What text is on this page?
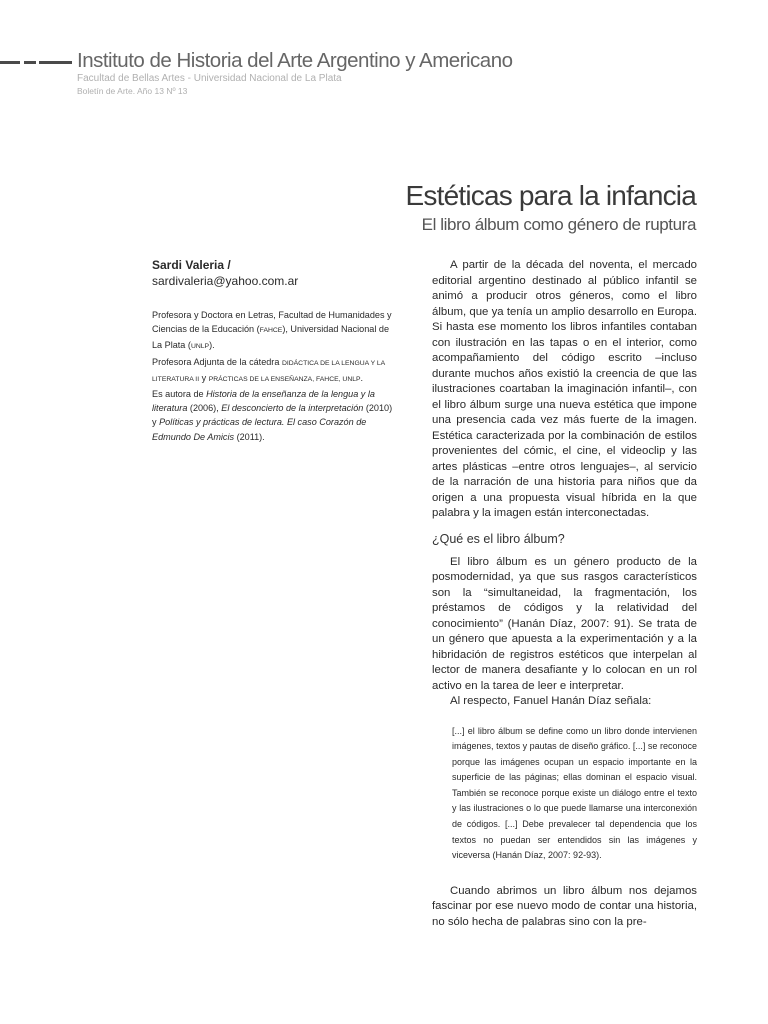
Instituto de Historia del Arte Argentino y Americano
Facultad de Bellas Artes - Universidad Nacional de La Plata
Boletín de Arte. Año 13 Nº 13
Estéticas para la infancia
El libro álbum como género de ruptura
Sardi Valeria /
sardivaleria@yahoo.com.ar

Profesora y Doctora en Letras, Facultad de Humanidades y Ciencias de la Educación (FAHCE), Universidad Nacional de La Plata (UNLP).

Profesora Adjunta de la cátedra DIDÁCTICA DE LA LENGUA Y LA LITERATURA II y PRÁCTICAS DE LA ENSEÑANZA, FAHCE, UNLP.

Es autora de Historia de la enseñanza de la lengua y la literatura (2006), El desconcierto de la interpretación (2010) y Políticas y prácticas de lectura. El caso Corazón de Edmundo De Amicis (2011).

A partir de la década del noventa, el mercado editorial argentino destinado al público infantil se animó a producir otros géneros, como el libro álbum, que ya tenía un amplio desarrollo en Europa. Si hasta ese momento los libros infantiles contaban con ilustración en las tapas o en el interior, como acompañamiento del código escrito –incluso durante muchos años existió la creencia de que las ilustraciones coartaban la imaginación infantil–, con el libro álbum surge una nueva estética que impone una presencia cada vez más fuerte de la imagen. Estética caracterizada por la combinación de estilos provenientes del cómic, el cine, el videoclip y las artes plásticas –entre otros lenguajes–, al servicio de la narración de una historia para niños que da origen a una propuesta visual híbrida en la que palabra y la imagen están interconectadas.

¿Qué es el libro álbum?

El libro álbum es un género producto de la posmodernidad, ya que sus rasgos característicos son la “simultaneidad, la fragmentación, los préstamos de códigos y la relatividad del conocimiento” (Hanán Díaz, 2007: 91). Se trata de un género que apuesta a la experimentación y a la hibridación de registros estéticos que interpelan al lector de manera desafiante y lo colocan en un rol activo en la tarea de leer e interpretar.

Al respecto, Fanuel Hanán Díaz señala:

[...] el libro álbum se define como un libro donde intervienen imágenes, textos y pautas de diseño gráfico. [...] se reconoce porque las imágenes ocupan un espacio importante en la superficie de las páginas; ellas dominan el espacio visual. También se reconoce porque existe un diálogo entre el texto y las ilustraciones o lo que puede llamarse una interconexión de códigos. [...] Debe prevalecer tal dependencia que los textos no puedan ser entendidos sin las imágenes y viceversa (Hanán Díaz, 2007: 92-93).

Cuando abrimos un libro álbum nos dejamos fascinar por ese nuevo modo de contar una historia, no sólo hecha de palabras sino con la pre-
